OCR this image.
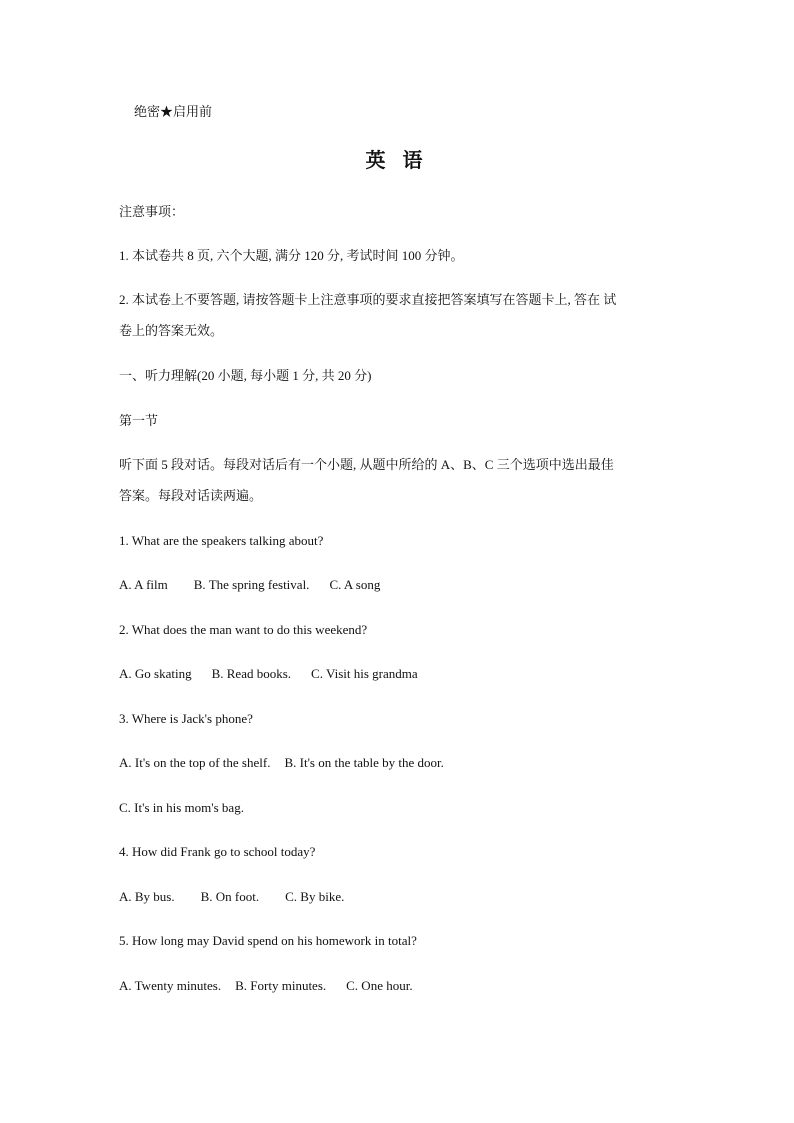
绝密★启用前
英 语
注意事项：
1. 本试卷共 8 页, 六个大题, 满分 120 分, 考试时间 100 分钟。
2. 本试卷上不要答题, 请按答题卡上注意事项的要求直接把答案填写在答题卡上, 答在 试
卷上的答案无效。
一、听力理解(20 小题, 每小题 1 分, 共 20 分)
第一节
听下面 5 段对话。每段对话后有一个小题, 从题中所给的 A、B、C 三个选项中选出最佳
答案。每段对话读两遍。
1. What are the speakers talking about?
A. A film B. The spring festival. C. A song
2. What does the man want to do this weekend?
A. Go skating B. Read books. C. Visit his grandma
3. Where is Jack's phone?
A. It's on the top of the shelf. B. It's on the table by the door.
C. It's in his mom's bag.
4. How did Frank go to school today?
A. By bus. B. On foot. C. By bike.
5. How long may David spend on his homework in total?
A. Twenty minutes. B. Forty minutes. C. One hour.
